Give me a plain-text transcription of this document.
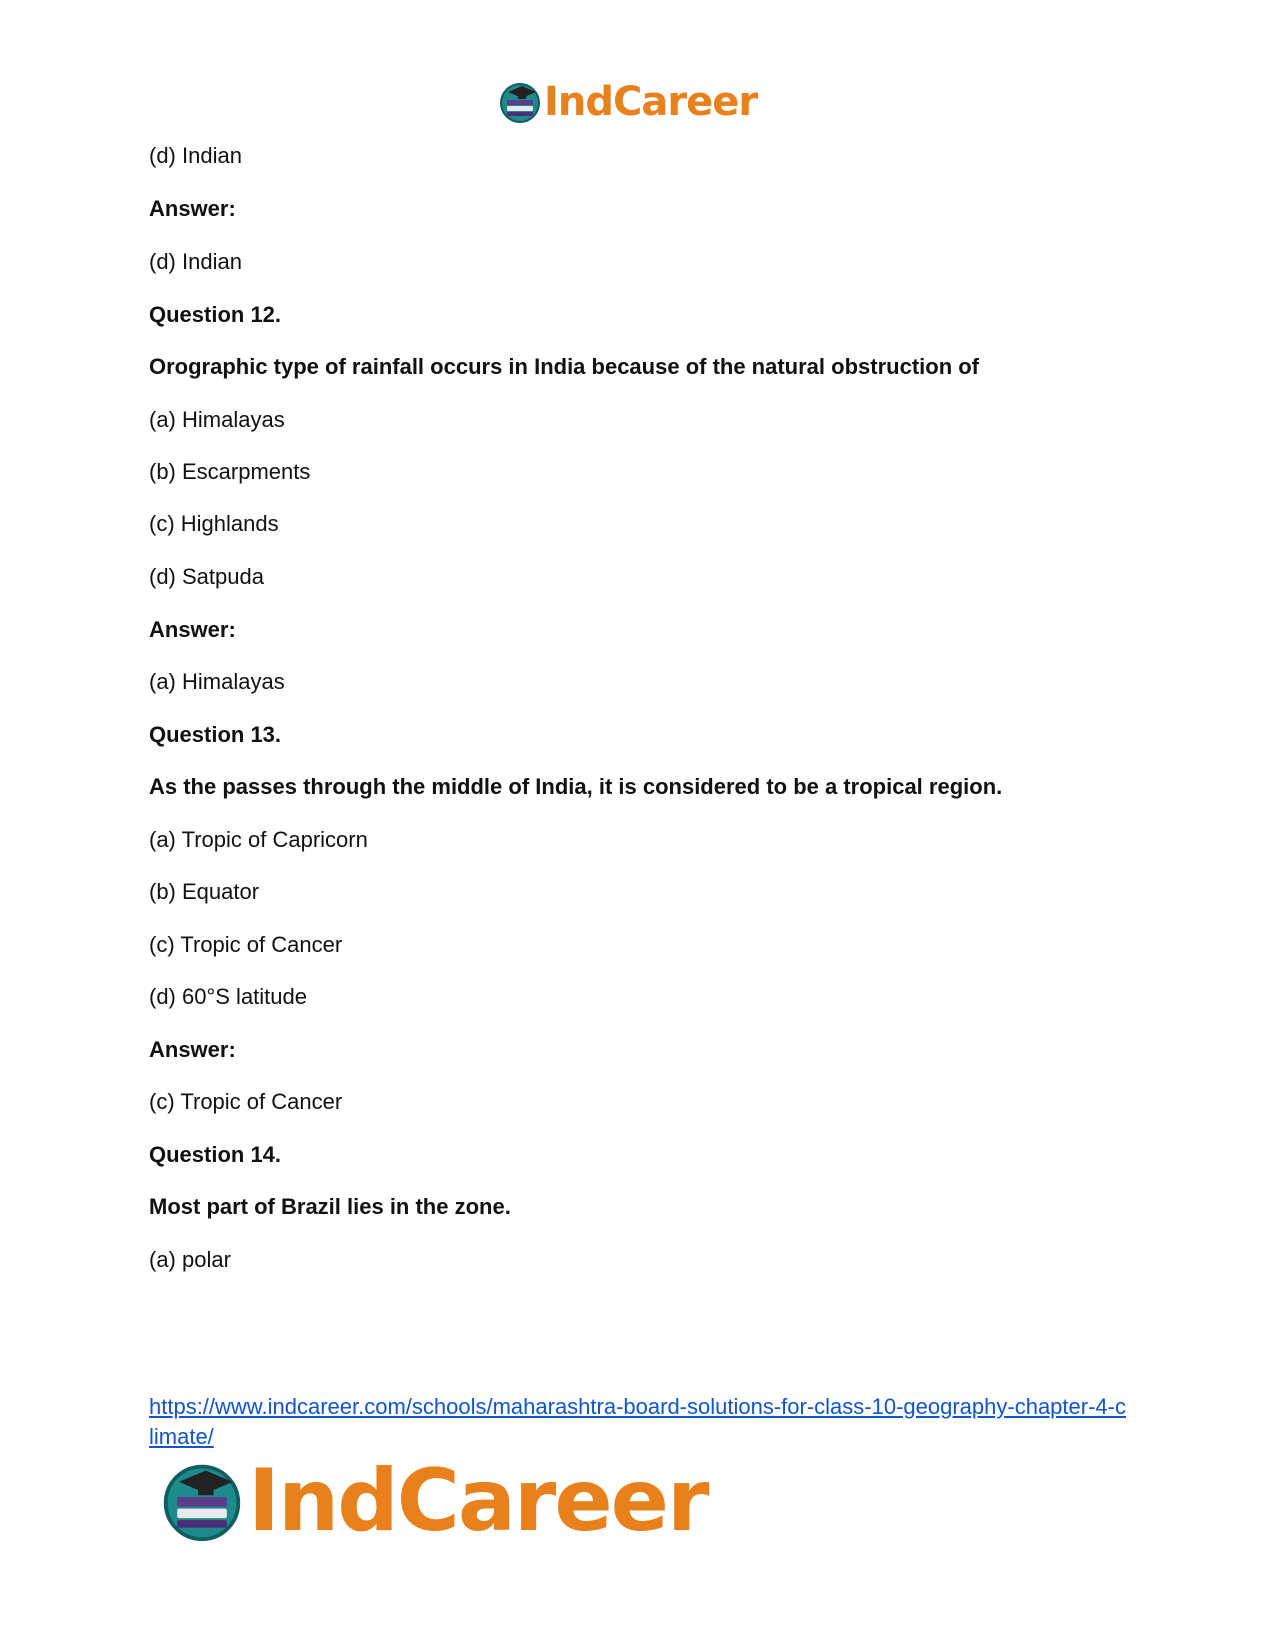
IndCareer
(d) Indian
Answer:
(d) Indian
Question 12.
Orographic type of rainfall occurs in India because of the natural obstruction of
(a) Himalayas
(b) Escarpments
(c) Highlands
(d) Satpuda
Answer:
(a) Himalayas
Question 13.
As the passes through the middle of India, it is considered to be a tropical region.
(a) Tropic of Capricorn
(b) Equator
(c) Tropic of Cancer
(d) 60°S latitude
Answer:
(c) Tropic of Cancer
Question 14.
Most part of Brazil lies in the zone.
(a) polar
https://www.indcareer.com/schools/maharashtra-board-solutions-for-class-10-geography-chapter-4-climate/
IndCareer
